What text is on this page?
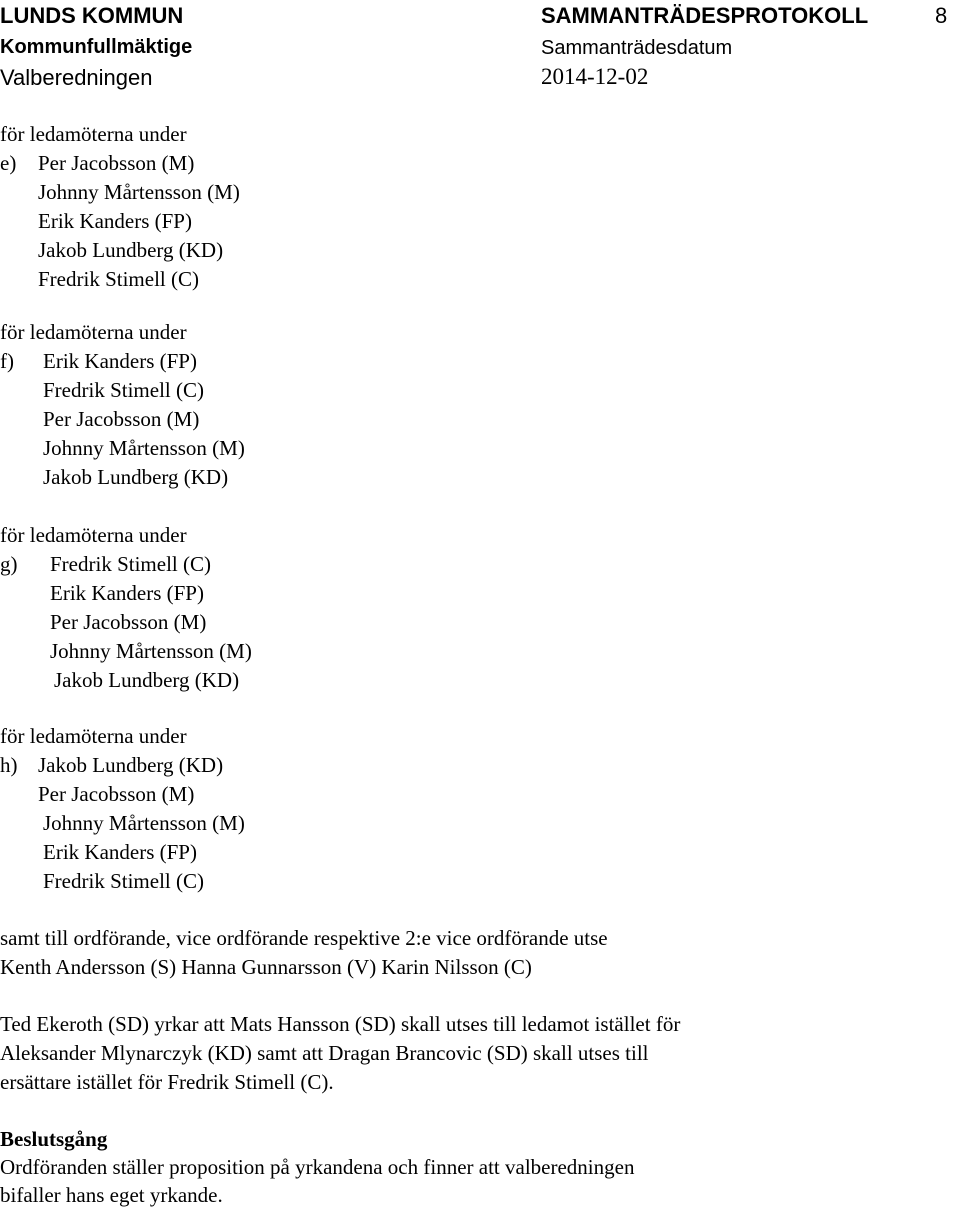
LUNDS KOMMUN	SAMMANTRÄDESPROTOKOLL	8
Kommunfullmäktige	Sammanträdesdatum
Valberedningen	2014-12-02
för ledamöterna under
e) Per Jacobsson (M)
Johnny Mårtensson (M)
Erik Kanders (FP)
Jakob Lundberg (KD)
Fredrik Stimell (C)
för ledamöterna under
f) Erik Kanders (FP)
Fredrik Stimell (C)
Per Jacobsson (M)
Johnny Mårtensson (M)
Jakob Lundberg (KD)
för ledamöterna under
g) Fredrik Stimell (C)
Erik Kanders (FP)
Per Jacobsson (M)
Johnny Mårtensson (M)
Jakob Lundberg (KD)
för ledamöterna under
h) Jakob Lundberg (KD)
Per Jacobsson (M)
Johnny Mårtensson (M)
Erik Kanders (FP)
Fredrik Stimell (C)
samt till ordförande, vice ordförande respektive 2:e vice ordförande utse
Kenth Andersson (S) Hanna Gunnarsson (V) Karin Nilsson (C)
Ted Ekeroth (SD) yrkar att Mats Hansson (SD) skall utses till ledamot istället för
Aleksander Mlynarczyk (KD) samt att Dragan Brancovic (SD) skall utses till
ersättare istället för Fredrik Stimell (C).
Beslutsgång
Ordföranden ställer proposition på yrkandena och finner att valberedningen
bifaller hans eget yrkande.
